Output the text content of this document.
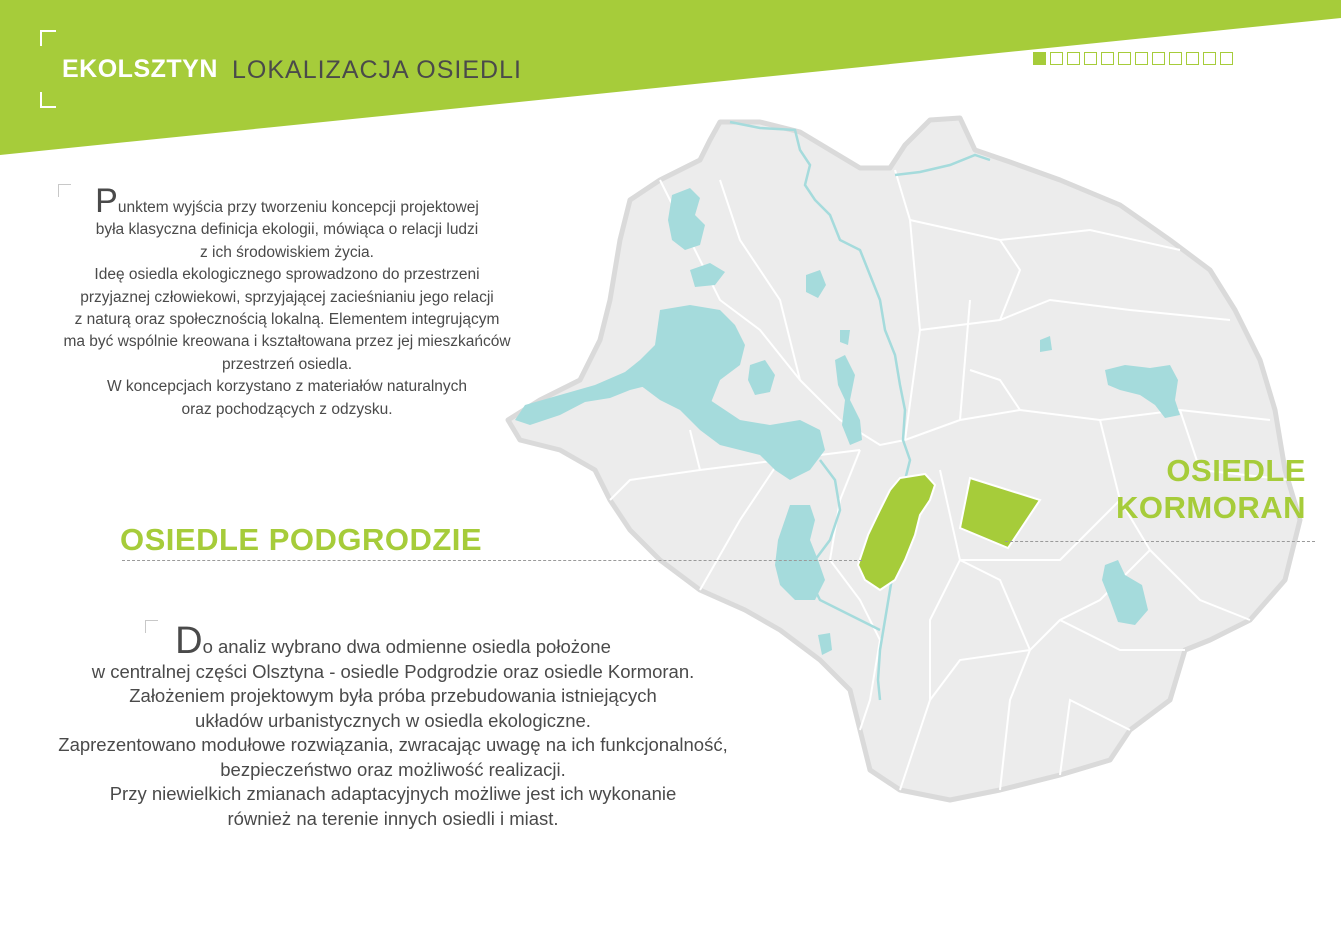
EKOLSZTYN LOKALIZACJA OSIEDLI

Punktem wyjścia przy tworzeniu koncepcji projektowej
była klasyczna definicja ekologii, mówiąca o relacji ludzi
z ich środowiskiem życia.
Ideę osiedla ekologicznego sprowadzono do przestrzeni
przyjaznej człowiekowi, sprzyjającej zacieśnianiu jego relacji
z naturą oraz społecznością lokalną. Elementem integrującym
ma być wspólnie kreowana i kształtowana przez jej mieszkańców
przestrzeń osiedla.
W koncepcjach korzystano z materiałów naturalnych
oraz pochodzących z odzysku.

OSIEDLE PODGRODZIE
OSIEDLE
KORMORAN

Do analiz wybrano dwa odmienne osiedla położone
w centralnej części Olsztyna - osiedle Podgrodzie oraz osiedle Kormoran.
Założeniem projektowym była próba przebudowania istniejących
układów urbanistycznych w osiedla ekologiczne.
Zaprezentowano modułowe rozwiązania, zwracając uwagę na ich funkcjonalność,
bezpieczeństwo oraz możliwość realizacji.
Przy niewielkich zmianach adaptacyjnych możliwe jest ich wykonanie
również na terenie innych osiedli i miast.
